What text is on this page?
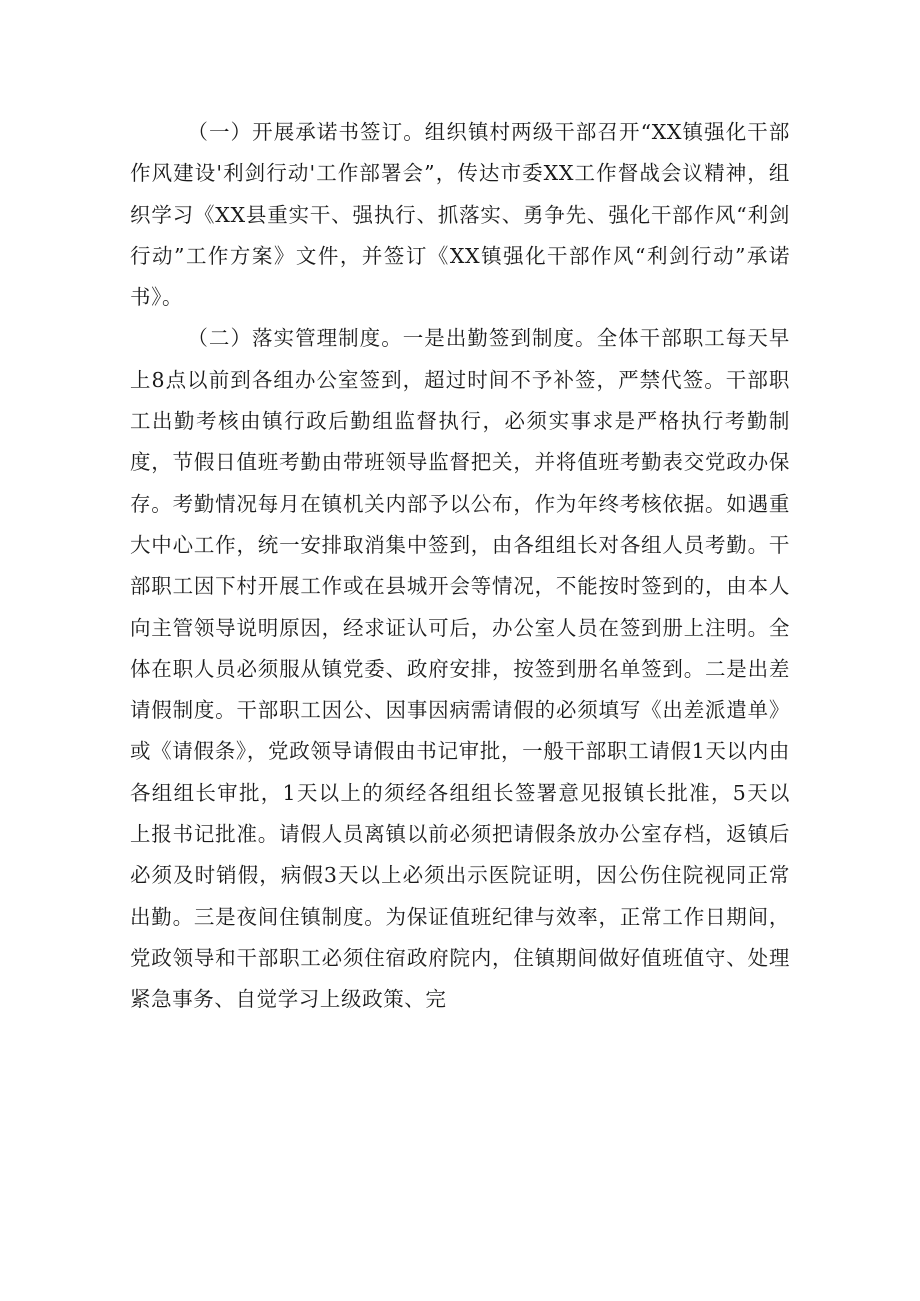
（一）开展承诺书签订。组织镇村两级干部召开“XX镇强化干部作风建设'利剑行动'工作部署会”，传达市委XX工作督战会议精神，组织学习《XX县重实干、强执行、抓落实、勇争先、强化干部作风“利剑行动”工作方案》文件，并签订《XX镇强化干部作风“利剑行动”承诺书》。

（二）落实管理制度。一是出勤签到制度。全体干部职工每天早上8点以前到各组办公室签到，超过时间不予补签，严禁代签。干部职工出勤考核由镇行政后勤组监督执行，必须实事求是严格执行考勤制度，节假日值班考勤由带班领导监督把关，并将值班考勤表交党政办保存。考勤情况每月在镇机关内部予以公布，作为年终考核依据。如遇重大中心工作，统一安排取消集中签到，由各组组长对各组人员考勤。干部职工因下村开展工作或在县城开会等情况，不能按时签到的，由本人向主管领导说明原因，经求证认可后，办公室人员在签到册上注明。全体在职人员必须服从镇党委、政府安排，按签到册名单签到。二是出差请假制度。干部职工因公、因事因病需请假的必须填写《出差派遣单》或《请假条》，党政领导请假由书记审批，一般干部职工请假1天以内由各组组长审批，1天以上的须经各组组长签署意见报镇长批准，5天以上报书记批准。请假人员离镇以前必须把请假条放办公室存档，返镇后必须及时销假，病假3天以上必须出示医院证明，因公伤住院视同正常出勤。三是夜间住镇制度。为保证值班纪律与效率，正常工作日期间，党政领导和干部职工必须住宿政府院内，住镇期间做好值班值守、处理紧急事务、自觉学习上级政策、完
